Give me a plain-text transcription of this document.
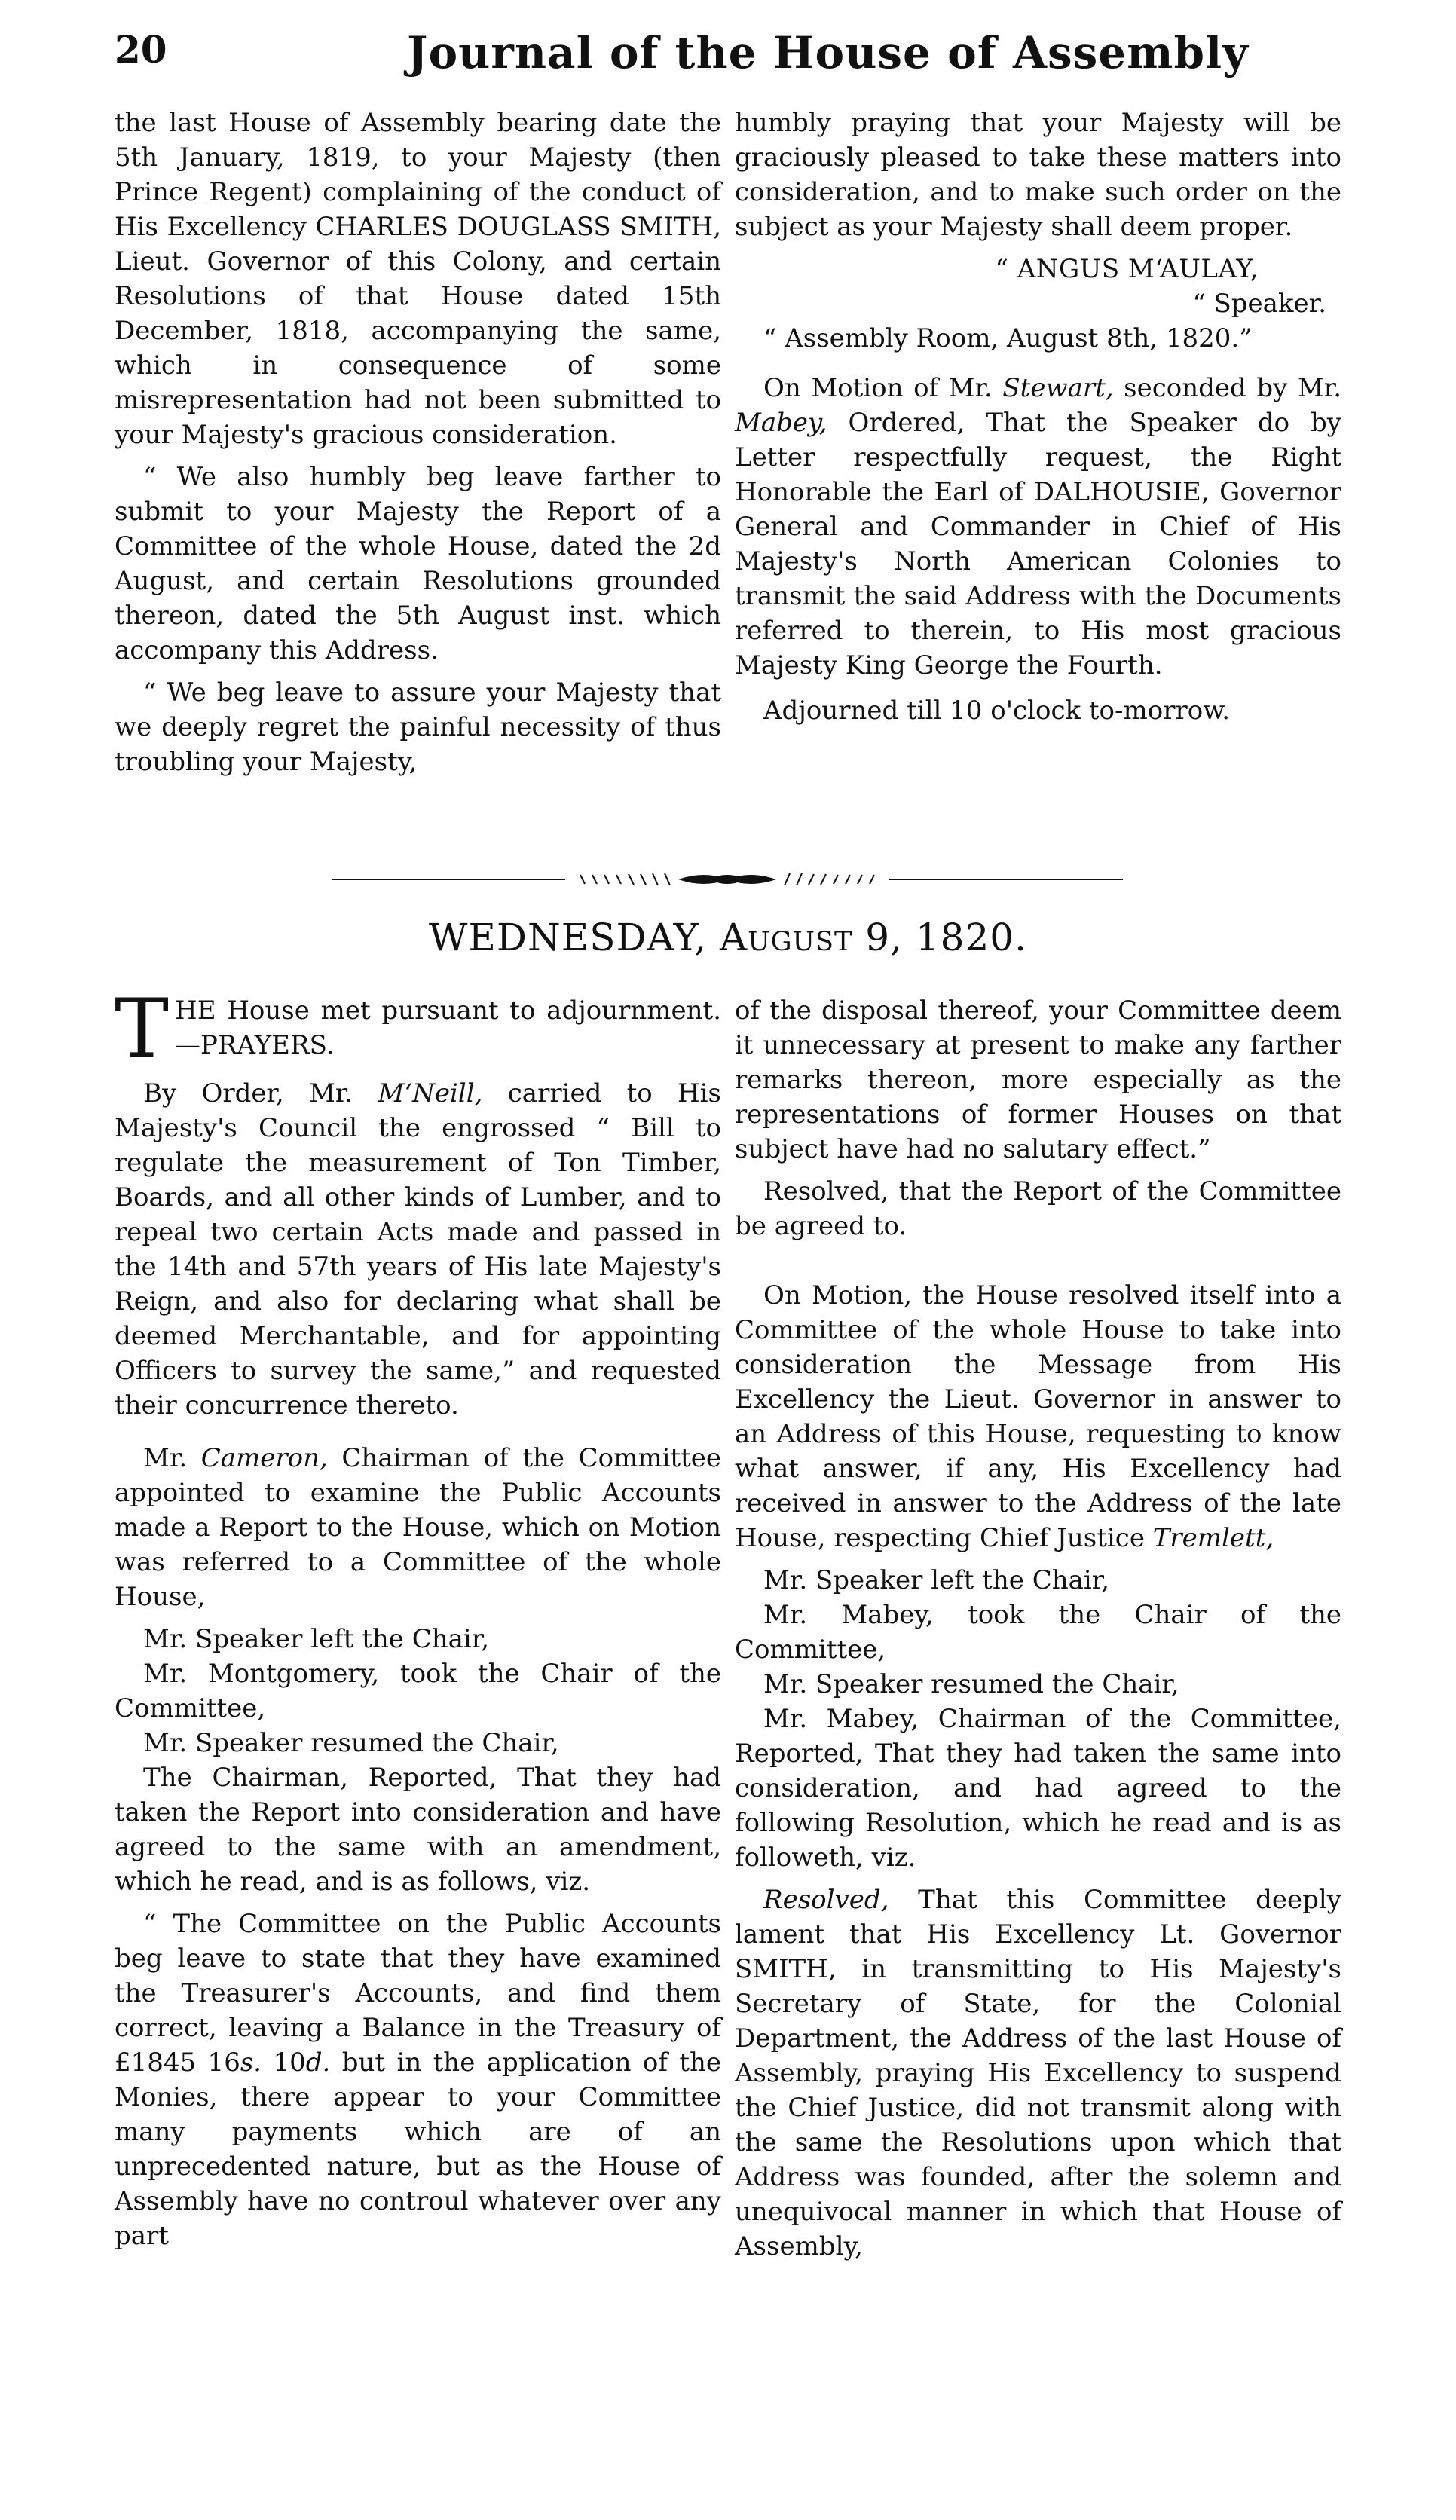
20	Journal of the House of Assembly

the last House of Assembly bearing date the 5th January, 1819, to your Majesty (then Prince Regent) complaining of the conduct of His Excellency CHARLES DOUGLASS SMITH, Lieut. Governor of this Colony, and certain Resolutions of that House dated 15th December, 1818, accompanying the same, which in consequence of some misrepresentation had not been submitted to your Majesty's gracious consideration.

“ We also humbly beg leave farther to submit to your Majesty the Report of a Committee of the whole House, dated the 2d August, and certain Resolutions grounded thereon, dated the 5th August inst. which accompany this Address.

“ We beg leave to assure your Majesty that we deeply regret the painful necessity of thus troubling your Majesty,

humbly praying that your Majesty will be graciously pleased to take these matters into consideration, and to make such order on the subject as your Majesty shall deem proper.

“ ANGUS M‘AULAY,

“ Speaker.

“ Assembly Room, August 8th, 1820.”

On Motion of Mr. Stewart, seconded by Mr. Mabey, Ordered, That the Speaker do by Letter respectfully request, the Right Honorable the Earl of DALHOUSIE, Governor General and Commander in Chief of His Majesty's North American Colonies to transmit the said Address with the Documents referred to therein, to His most gracious Majesty King George the Fourth.

Adjourned till 10 o'clock to-morrow.

WEDNESDAY, August 9, 1820.

THE House met pursuant to adjournment.—PRAYERS.

By Order, Mr. M‘Neill, carried to His Majesty's Council the engrossed “ Bill to regulate the measurement of Ton Timber, Boards, and all other kinds of Lumber, and to repeal two certain Acts made and passed in the 14th and 57th years of His late Majesty's Reign, and also for declaring what shall be deemed Merchantable, and for appointing Officers to survey the same,” and requested their concurrence thereto.

Mr. Cameron, Chairman of the Committee appointed to examine the Public Accounts made a Report to the House, which on Motion was referred to a Committee of the whole House,

Mr. Speaker left the Chair,

Mr. Montgomery, took the Chair of the Committee,

Mr. Speaker resumed the Chair,

The Chairman, Reported, That they had taken the Report into consideration and have agreed to the same with an amendment, which he read, and is as follows, viz.

“ The Committee on the Public Accounts beg leave to state that they have examined the Treasurer's Accounts, and find them correct, leaving a Balance in the Treasury of £1845 16s. 10d. but in the application of the Monies, there appear to your Committee many payments which are of an unprecedented nature, but as the House of Assembly have no controul whatever over any part

of the disposal thereof, your Committee deem it unnecessary at present to make any farther remarks thereon, more especially as the representations of former Houses on that subject have had no salutary effect.”

Resolved, that the Report of the Committee be agreed to.

On Motion, the House resolved itself into a Committee of the whole House to take into consideration the Message from His Excellency the Lieut. Governor in answer to an Address of this House, requesting to know what answer, if any, His Excellency had received in answer to the Address of the late House, respecting Chief Justice Tremlett,

Mr. Speaker left the Chair,

Mr. Mabey, took the Chair of the Committee,

Mr. Speaker resumed the Chair,

Mr. Mabey, Chairman of the Committee, Reported, That they had taken the same into consideration, and had agreed to the following Resolution, which he read and is as followeth, viz.

Resolved, That this Committee deeply lament that His Excellency Lt. Governor SMITH, in transmitting to His Majesty's Secretary of State, for the Colonial Department, the Address of the last House of Assembly, praying His Excellency to suspend the Chief Justice, did not transmit along with the same the Resolutions upon which that Address was founded, after the solemn and unequivocal manner in which that House of Assembly,
